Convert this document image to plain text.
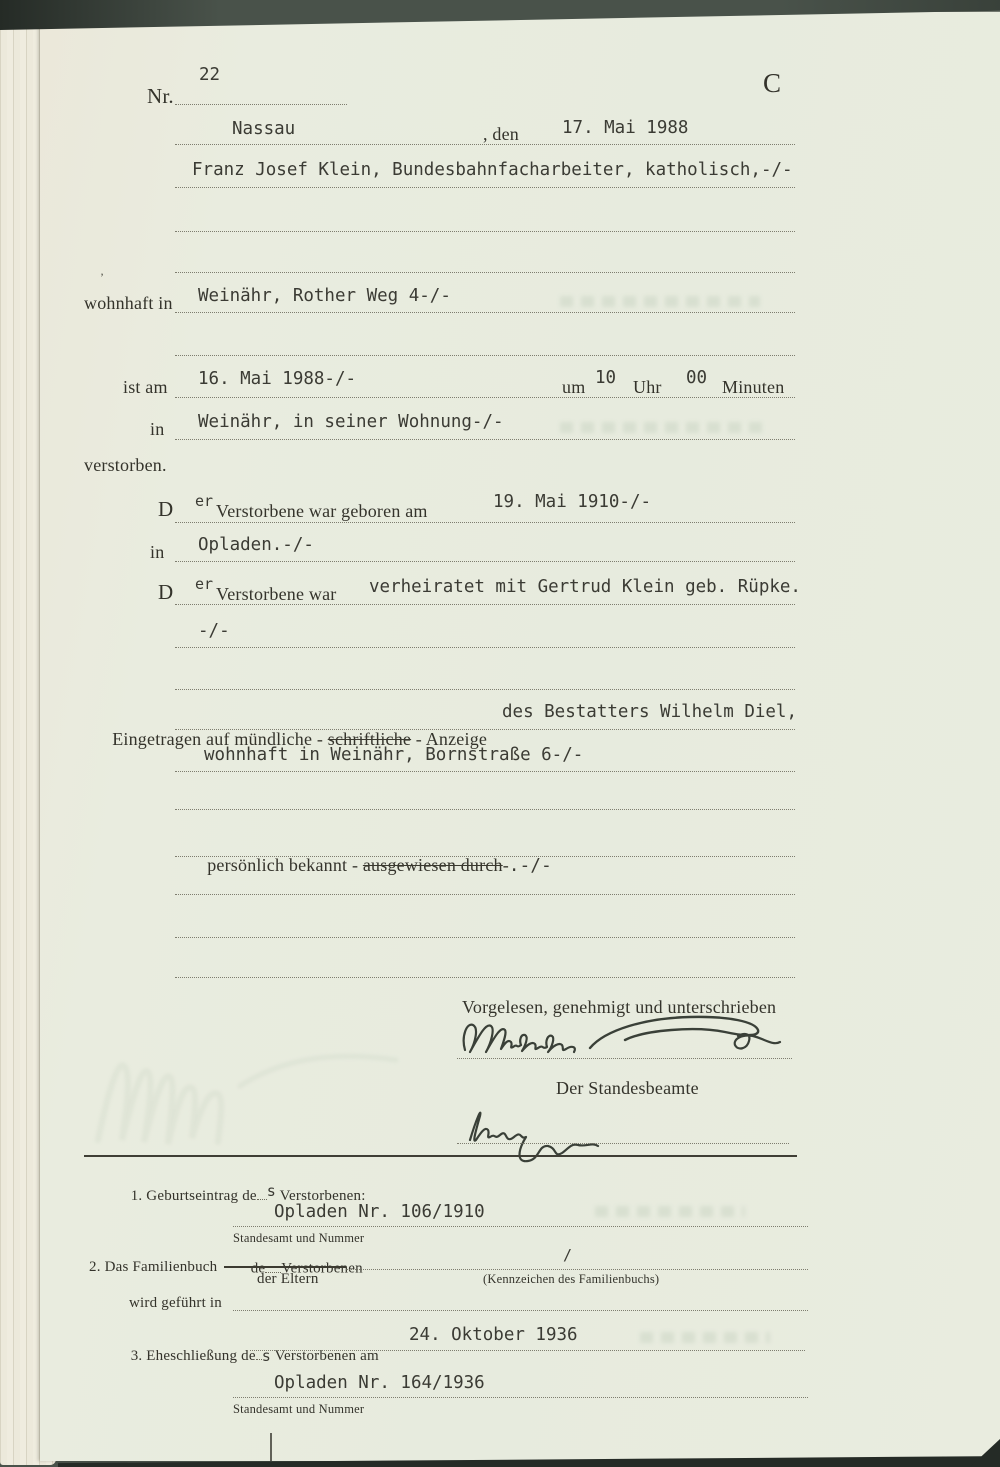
’
Nr.
22	C
Nassau	, den 17. Mai 1988
Franz Josef Klein, Bundesbahnfacharbeiter, katholisch,-/-
wohnhaft in Weinähr, Rother Weg 4-/-
ist am 16. Mai 1988-/-	um 10 Uhr 00 Minuten
in Weinähr, in seiner Wohnung-/-
verstorben.
D er Verstorbene war geboren am	19. Mai 1910-/-
in Opladen.-/-
D er Verstorbene war verheiratet mit Gertrud Klein geb. Rüpke.
-/-

Eingetragen auf mündliche - schriftliche - Anzeige

des Bestatters Wilhelm Diel,
wohnhaft in Weinähr, Bornstraße 6-/-

persönlich bekannt - ausgewiesen durch-.-/-

Vorgelesen, genehmigt und unterschrieben
Der Standesbeamte

1. Geburtseintrag de s Verstorbenen:

Opladen Nr. 106/1910
Standesamt und Nummer
2. Das Familienbuch	de Verstorbenen

der Eltern
/
(Kennzeichen des Familienbuchs)
wird geführt in

3. Eheschließung de s Verstorbenen am

24. Oktober 1936
Opladen Nr. 164/1936
Standesamt und Nummer
